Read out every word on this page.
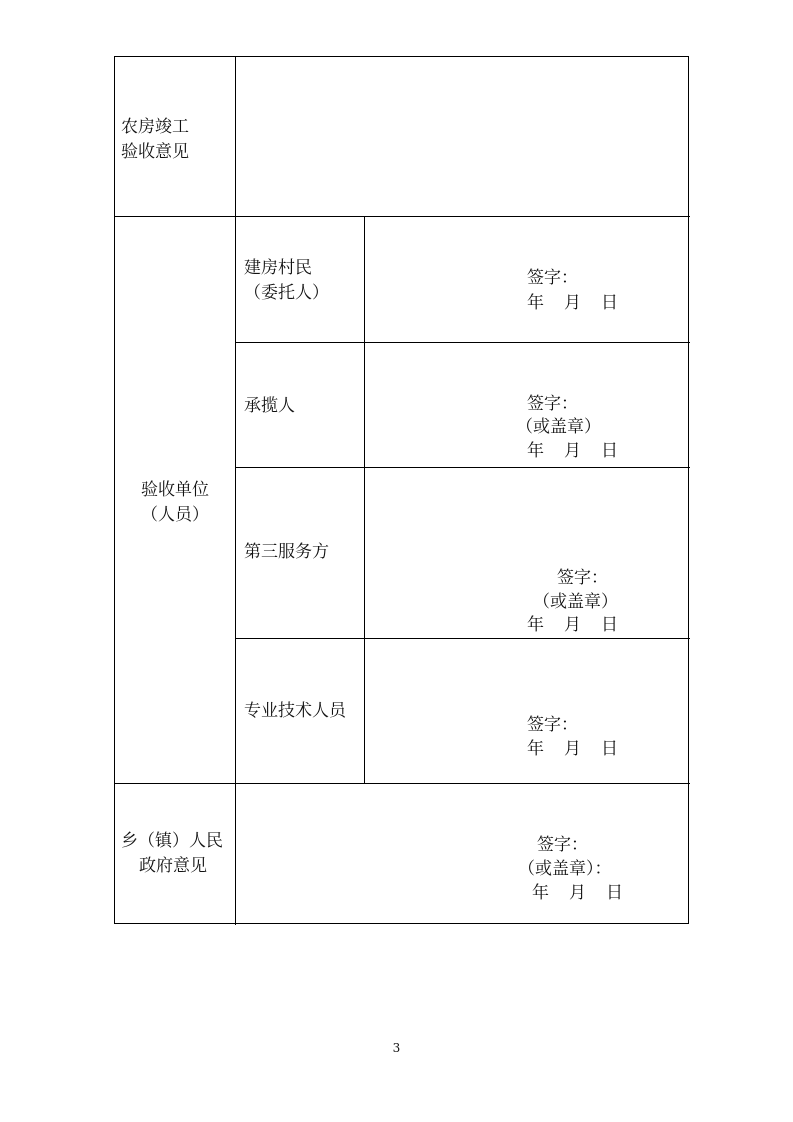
农房竣工
验收意见
验收单位
（人员）
建房村民
（委托人）
签字：
年 月 日
承揽人	签字：
（或盖章）
年 月 日
第三服务方
签字：
（或盖章）
年 月 日
专业技术人员
签字：
年 月 日
乡（镇）人民
政府意见
签字：
（或盖章）：
年 月 日
3
